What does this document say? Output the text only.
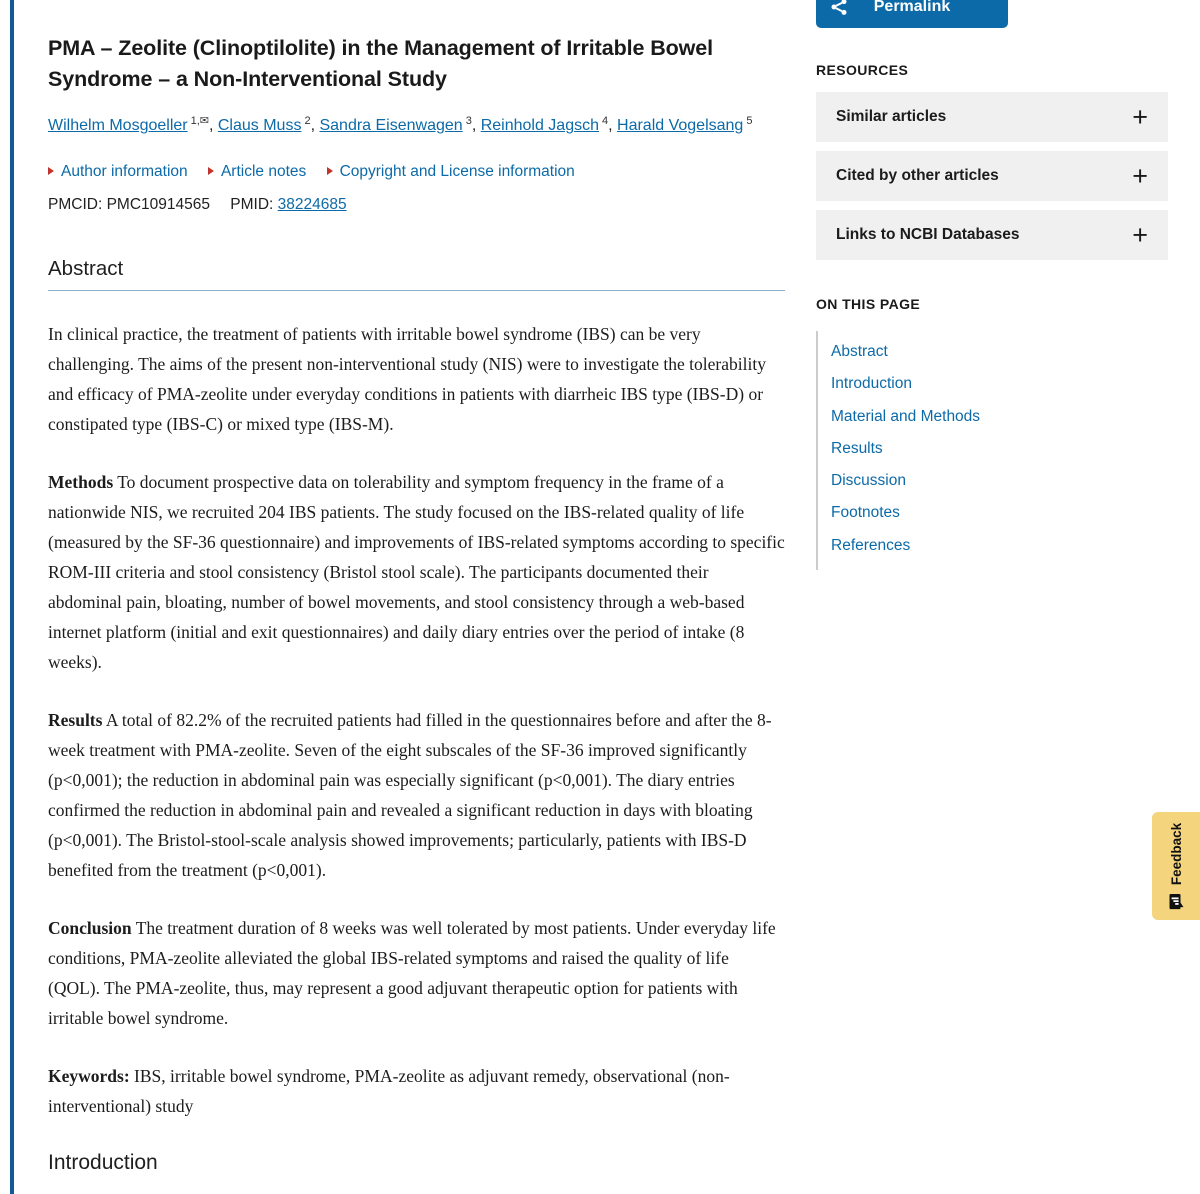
PMA – Zeolite (Clinoptilolite) in the Management of Irritable Bowel Syndrome – a Non-Interventional Study
Wilhelm Mosgoeller $^{1,✉}$, Claus Muss $^2$, Sandra Eisenwagen $^3$, Reinhold Jagsch $^4$, Harald Vogelsang $^5$
Author information Article notes Copyright and License information
PMCID: PMC10914565 PMID: 38224685
Abstract

In clinical practice, the treatment of patients with irritable bowel syndrome (IBS) can be very challenging. The aims of the present non-interventional study (NIS) were to investigate the tolerability and efficacy of PMA-zeolite under everyday conditions in patients with diarrheic IBS type (IBS-D) or constipated type (IBS-C) or mixed type (IBS-M).

Methods To document prospective data on tolerability and symptom frequency in the frame of a nationwide NIS, we recruited 204 IBS patients. The study focused on the IBS-related quality of life (measured by the SF-36 questionnaire) and improvements of IBS-related symptoms according to specific ROM-III criteria and stool consistency (Bristol stool scale). The participants documented their abdominal pain, bloating, number of bowel movements, and stool consistency through a web-based internet platform (initial and exit questionnaires) and daily diary entries over the period of intake (8 weeks).

Results A total of 82.2% of the recruited patients had filled in the questionnaires before and after the 8-week treatment with PMA-zeolite. Seven of the eight subscales of the SF-36 improved significantly (p<0,001); the reduction in abdominal pain was especially significant (p<0,001). The diary entries confirmed the reduction in abdominal pain and revealed a significant reduction in days with bloating (p<0,001). The Bristol-stool-scale analysis showed improvements; particularly, patients with IBS-D benefited from the treatment (p<0,001).

Conclusion The treatment duration of 8 weeks was well tolerated by most patients. Under everyday life conditions, PMA-zeolite alleviated the global IBS-related symptoms and raised the quality of life (QOL). The PMA-zeolite, thus, may represent a good adjuvant therapeutic option for patients with irritable bowel syndrome.

Keywords: IBS, irritable bowel syndrome, PMA-zeolite as adjuvant remedy, observational (non-interventional) study

Introduction
Permalink
RESOURCES
Similar articles	+
Cited by other articles	+
Links to NCBI Databases	+
ON THIS PAGE
Abstract
Introduction
Material and Methods
Results
Discussion
Footnotes
References
Feedback
